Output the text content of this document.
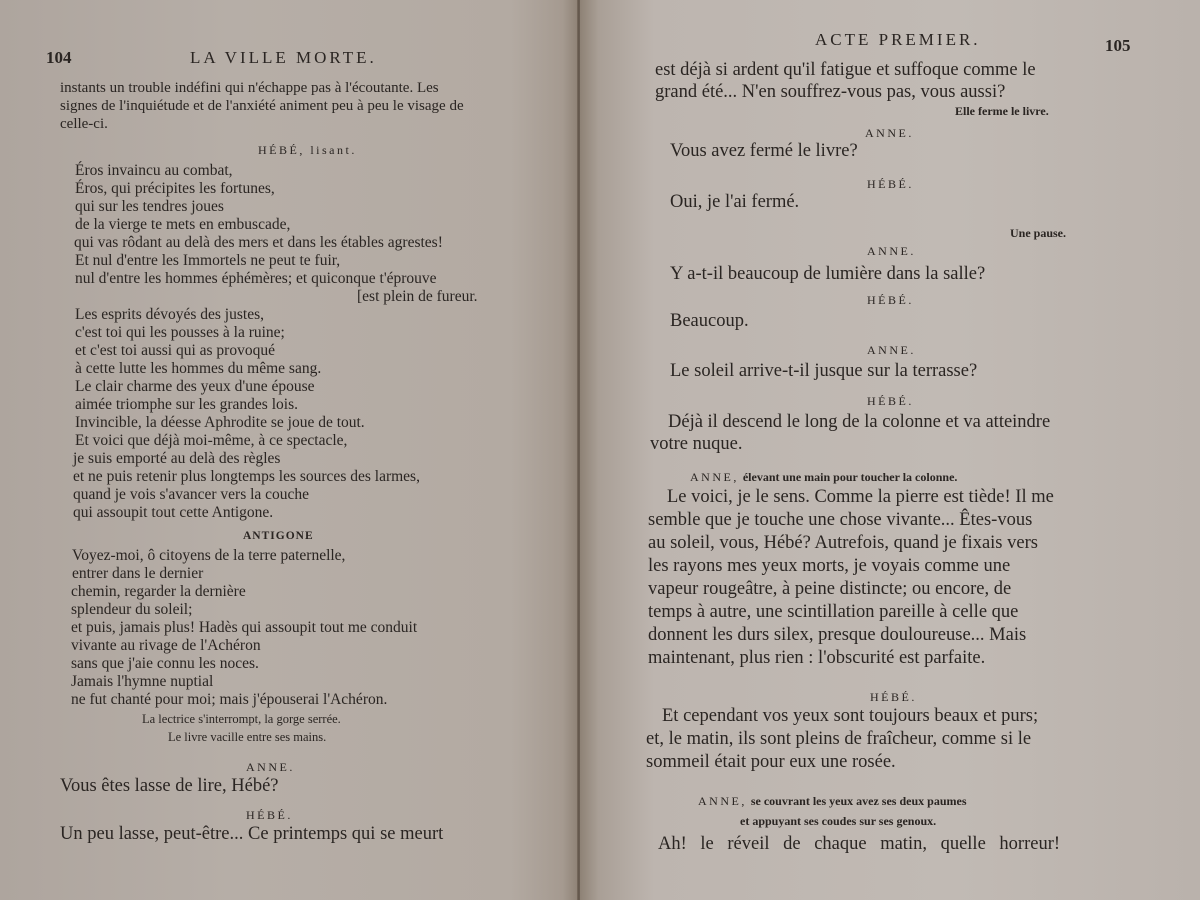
104	LA VILLE MORTE.
instants un trouble indéfini qui n'échappe pas à l'écoutante. Les
signes de l'inquiétude et de l'anxiété animent peu à peu le visage de
celle-ci.
HÉBÉ, lisant.
Éros invaincu au combat,
Éros, qui précipites les fortunes,
qui sur les tendres joues
de la vierge te mets en embuscade,
qui vas rôdant au delà des mers et dans les étables agrestes!
Et nul d'entre les Immortels ne peut te fuir,
nul d'entre les hommes éphémères; et quiconque t'éprouve
[est plein de fureur.
Les esprits dévoyés des justes,
c'est toi qui les pousses à la ruine;
et c'est toi aussi qui as provoqué
à cette lutte les hommes du même sang.
Le clair charme des yeux d'une épouse
aimée triomphe sur les grandes lois.
Invincible, la déesse Aphrodite se joue de tout.
Et voici que déjà moi-même, à ce spectacle,
je suis emporté au delà des règles
et ne puis retenir plus longtemps les sources des larmes,
quand je vois s'avancer vers la couche
qui assoupit tout cette Antigone.
ANTIGONE
Voyez-moi, ô citoyens de la terre paternelle,
entrer dans le dernier
chemin, regarder la dernière
splendeur du soleil;
et puis, jamais plus! Hadès qui assoupit tout me conduit
vivante au rivage de l'Achéron
sans que j'aie connu les noces.
Jamais l'hymne nuptial
ne fut chanté pour moi; mais j'épouserai l'Achéron.
La lectrice s'interrompt, la gorge serrée.
Le livre vacille entre ses mains.
ANNE.
Vous êtes lasse de lire, Hébé?
HÉBÉ.
Un peu lasse, peut-être... Ce printemps qui se meurt
ACTE PREMIER.	105
est déjà si ardent qu'il fatigue et suffoque comme le
grand été... N'en souffrez-vous pas, vous aussi?
Elle ferme le livre.
ANNE.
Vous avez fermé le livre?
HÉBÉ.
Oui, je l'ai fermé.
Une pause.
ANNE.
Y a-t-il beaucoup de lumière dans la salle?
HÉBÉ.
Beaucoup.
ANNE.
Le soleil arrive-t-il jusque sur la terrasse?
HÉBÉ.
Déjà il descend le long de la colonne et va atteindre
votre nuque.
ANNE, élevant une main pour toucher la colonne.
Le voici, je le sens. Comme la pierre est tiède! Il me
semble que je touche une chose vivante... Êtes-vous
au soleil, vous, Hébé? Autrefois, quand je fixais vers
les rayons mes yeux morts, je voyais comme une
vapeur rougeâtre, à peine distincte; ou encore, de
temps à autre, une scintillation pareille à celle que
donnent les durs silex, presque douloureuse... Mais
maintenant, plus rien : l'obscurité est parfaite.
HÉBÉ.
Et cependant vos yeux sont toujours beaux et purs;
et, le matin, ils sont pleins de fraîcheur, comme si le
sommeil était pour eux une rosée.
ANNE, se couvrant les yeux avez ses deux paumes
et appuyant ses coudes sur ses genoux.
Ah! le réveil de chaque matin, quelle horreur!
